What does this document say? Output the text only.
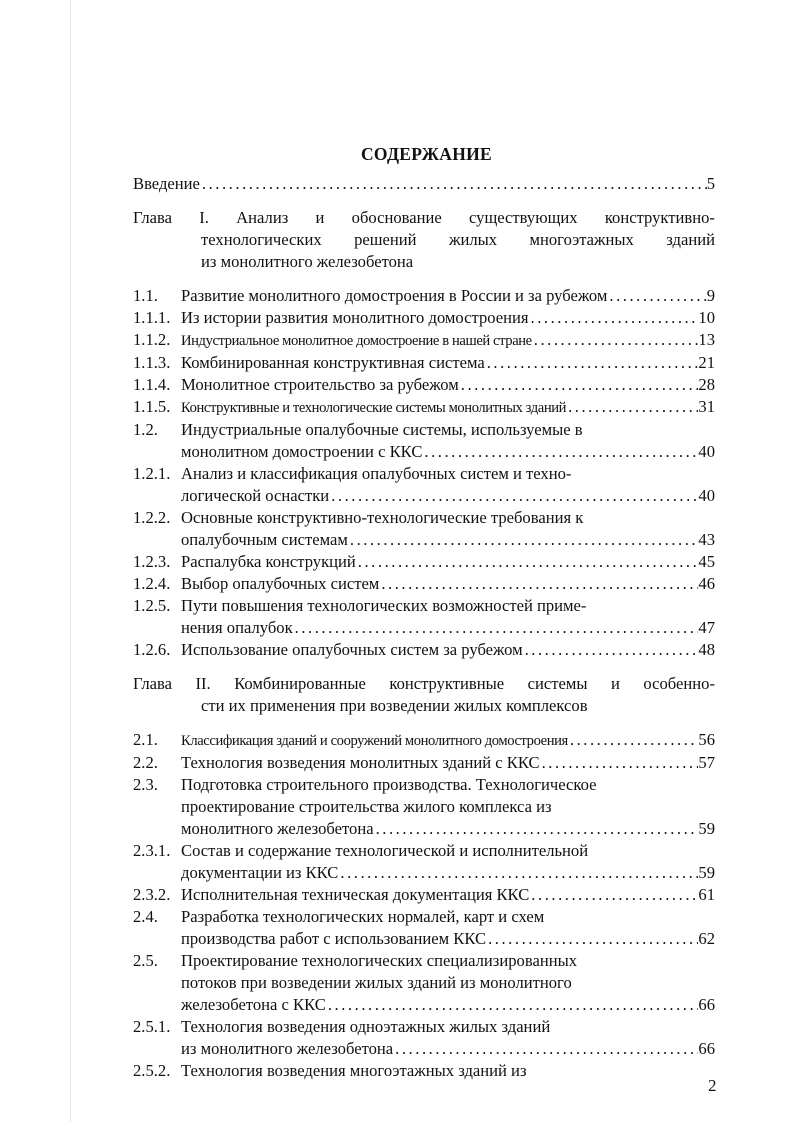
СОДЕРЖАНИЕ
Введение . . .	5
Глава I. Анализ и обоснование существующих конструктивно-
технологических решений жилых многоэтажных зданий
из монолитного железобетона
1.1.	Развитие монолитного домостроения в России и за рубежом . . .	9
1.1.1. Из истории развития монолитного домостроения . . .	10
1.1.2. Индустриальное монолитное домостроение в нашей стране . . .	13
1.1.3. Комбинированная конструктивная система . . .	21
1.1.4. Монолитное строительство за рубежом . . .	28
1.1.5. Конструктивные и технологические системы монолитных зданий . . .	31
1.2.	Индустриальные опалубочные системы, используемые в
монолитном домостроении с ККС . . .	40
1.2.1. Анализ и классификация опалубочных систем и техно-
логической оснастки . . .	40
1.2.2. Основные конструктивно-технологические требования к
опалубочным системам . . .	43
1.2.3. Распалубка конструкций . . .	45
1.2.4. Выбор опалубочных систем . . .	46
1.2.5. Пути повышения технологических возможностей приме-
нения опалубок . . .	47
1.2.6. Использование опалубочных систем за рубежом . . .	48
Глава II. Комбинированные конструктивные системы и особенно-
сти их применения при возведении жилых комплексов
2.1.	Классификация зданий и сооружений монолитного домостроения . . .	56
2.2.	Технология возведения монолитных зданий с ККС . . .	57
2.3.	Подготовка строительного производства. Технологическое
проектирование строительства жилого комплекса из
монолитного железобетона . . .	59
2.3.1. Состав и содержание технологической и исполнительной
документации из ККС . . .	59
2.3.2. Исполнительная техническая документация ККС . . .	61
2.4.	Разработка технологических нормалей, карт и схем
производства работ с использованием ККС . . .	62
2.5.	Проектирование технологических специализированных
потоков при возведении жилых зданий из монолитного
железобетона с ККС . . .	66
2.5.1. Технология возведения одноэтажных жилых зданий
из монолитного железобетона . . .	66
2.5.2. Технология возведения многоэтажных зданий из
2
